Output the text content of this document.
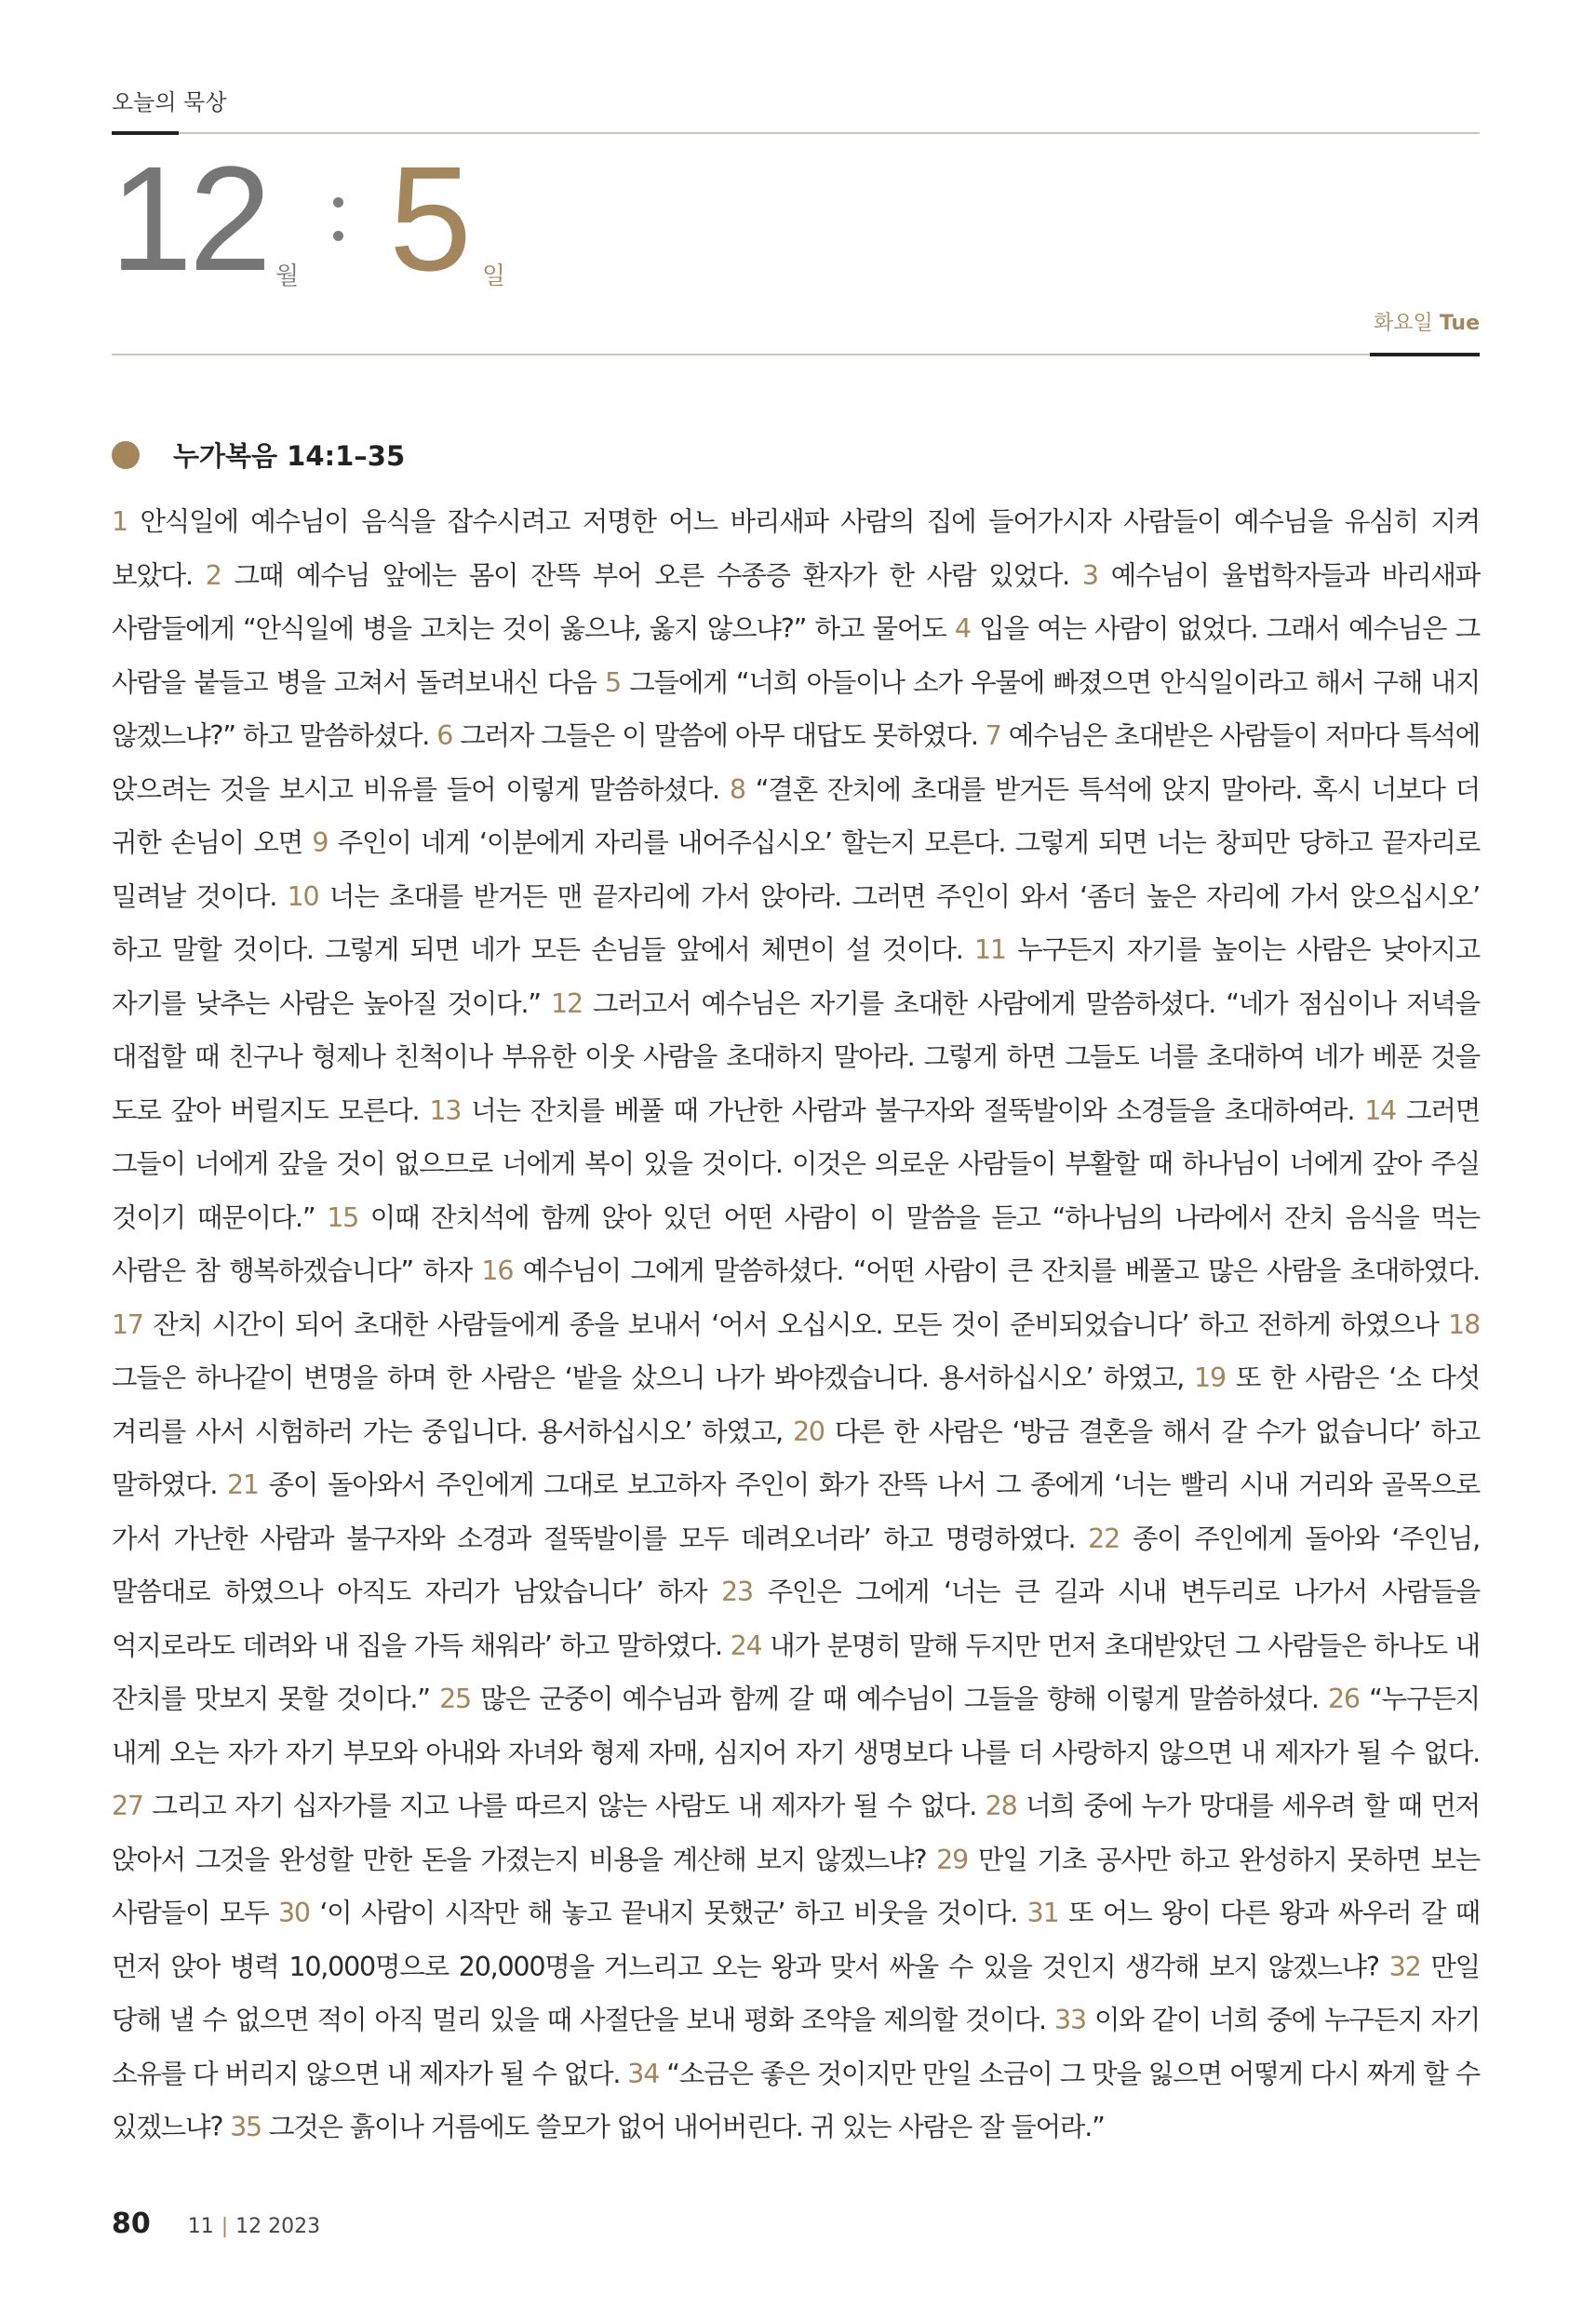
오늘의 묵상
12 월 5 일
화요일 Tue
누가복음 14:1–35
1 안식일에 예수님이 음식을 잡수시려고 저명한 어느 바리새파 사람의 집에 들어가시자 사람들이 예수님을 유심히 지켜 보았다. 2 그때 예수님 앞에는 몸이 잔뜩 부어 오른 수종증 환자가 한 사람 있었다. 3 예수님이 율법학자들과 바리새파 사람들에게 “안식일에 병을 고치는 것이 옳으냐, 옳지 않으냐?” 하고 물어도 4 입을 여는 사람이 없었다. 그래서 예수님은 그 사람을 붙들고 병을 고쳐서 돌려보내신 다음 5 그들에게 “너희 아들이나 소가 우물에 빠졌으면 안식일이라고 해서 구해 내지 않겠느냐?” 하고 말씀하셨다. 6 그러자 그들은 이 말씀에 아무 대답도 못하였다. 7 예수님은 초대받은 사람들이 저마다 특석에 앉으려는 것을 보시고 비유를 들어 이렇게 말씀하셨다. 8 “결혼 잔치에 초대를 받거든 특석에 앉지 말아라. 혹시 너보다 더 귀한 손님이 오면 9 주인이 네게 ‘이분에게 자리를 내어주십시오’ 할는지 모른다. 그렇게 되면 너는 창피만 당하고 끝자리로 밀려날 것이다. 10 너는 초대를 받거든 맨 끝자리에 가서 앉아라. 그러면 주인이 와서 ‘좀더 높은 자리에 가서 앉으십시오’ 하고 말할 것이다. 그렇게 되면 네가 모든 손님들 앞에서 체면이 설 것이다. 11 누구든지 자기를 높이는 사람은 낮아지고 자기를 낮추는 사람은 높아질 것이다.” 12 그러고서 예수님은 자기를 초대한 사람에게 말씀하셨다. “네가 점심이나 저녁을 대접할 때 친구나 형제나 친척이나 부유한 이웃 사람을 초대하지 말아라. 그렇게 하면 그들도 너를 초대하여 네가 베푼 것을 도로 갚아 버릴지도 모른다. 13 너는 잔치를 베풀 때 가난한 사람과 불구자와 절뚝발이와 소경들을 초대하여라. 14 그러면 그들이 너에게 갚을 것이 없으므로 너에게 복이 있을 것이다. 이것은 의로운 사람들이 부활할 때 하나님이 너에게 갚아 주실 것이기 때문이다.” 15 이때 잔치석에 함께 앉아 있던 어떤 사람이 이 말씀을 듣고 “하나님의 나라에서 잔치 음식을 먹는 사람은 참 행복하겠습니다” 하자 16 예수님이 그에게 말씀하셨다. “어떤 사람이 큰 잔치를 베풀고 많은 사람을 초대하였다. 17 잔치 시간이 되어 초대한 사람들에게 종을 보내서 ‘어서 오십시오. 모든 것이 준비되었습니다’ 하고 전하게 하였으나 18 그들은 하나같이 변명을 하며 한 사람은 ‘밭을 샀으니 나가 봐야겠습니다. 용서하십시오’ 하였고, 19 또 한 사람은 ‘소 다섯 겨리를 사서 시험하러 가는 중입니다. 용서하십시오’ 하였고, 20 다른 한 사람은 ‘방금 결혼을 해서 갈 수가 없습니다’ 하고 말하였다. 21 종이 돌아와서 주인에게 그대로 보고하자 주인이 화가 잔뜩 나서 그 종에게 ‘너는 빨리 시내 거리와 골목으로 가서 가난한 사람과 불구자와 소경과 절뚝발이를 모두 데려오너라’ 하고 명령하였다. 22 종이 주인에게 돌아와 ‘주인님, 말씀대로 하였으나 아직도 자리가 남았습니다’ 하자 23 주인은 그에게 ‘너는 큰 길과 시내 변두리로 나가서 사람들을 억지로라도 데려와 내 집을 가득 채워라’ 하고 말하였다. 24 내가 분명히 말해 두지만 먼저 초대받았던 그 사람들은 하나도 내 잔치를 맛보지 못할 것이다.” 25 많은 군중이 예수님과 함께 갈 때 예수님이 그들을 향해 이렇게 말씀하셨다. 26 “누구든지 내게 오는 자가 자기 부모와 아내와 자녀와 형제 자매, 심지어 자기 생명보다 나를 더 사랑하지 않으면 내 제자가 될 수 없다. 27 그리고 자기 십자가를 지고 나를 따르지 않는 사람도 내 제자가 될 수 없다. 28 너희 중에 누가 망대를 세우려 할 때 먼저 앉아서 그것을 완성할 만한 돈을 가졌는지 비용을 계산해 보지 않겠느냐? 29 만일 기초 공사만 하고 완성하지 못하면 보는 사람들이 모두 30 ‘이 사람이 시작만 해 놓고 끝내지 못했군’ 하고 비웃을 것이다. 31 또 어느 왕이 다른 왕과 싸우러 갈 때 먼저 앉아 병력 10,000명으로 20,000명을 거느리고 오는 왕과 맞서 싸울 수 있을 것인지 생각해 보지 않겠느냐? 32 만일 당해 낼 수 없으면 적이 아직 멀리 있을 때 사절단을 보내 평화 조약을 제의할 것이다. 33 이와 같이 너희 중에 누구든지 자기 소유를 다 버리지 않으면 내 제자가 될 수 없다. 34 “소금은 좋은 것이지만 만일 소금이 그 맛을 잃으면 어떻게 다시 짜게 할 수 있겠느냐? 35 그것은 흙이나 거름에도 쓸모가 없어 내어버린다. 귀 있는 사람은 잘 들어라.”
80 11 | 12 2023
